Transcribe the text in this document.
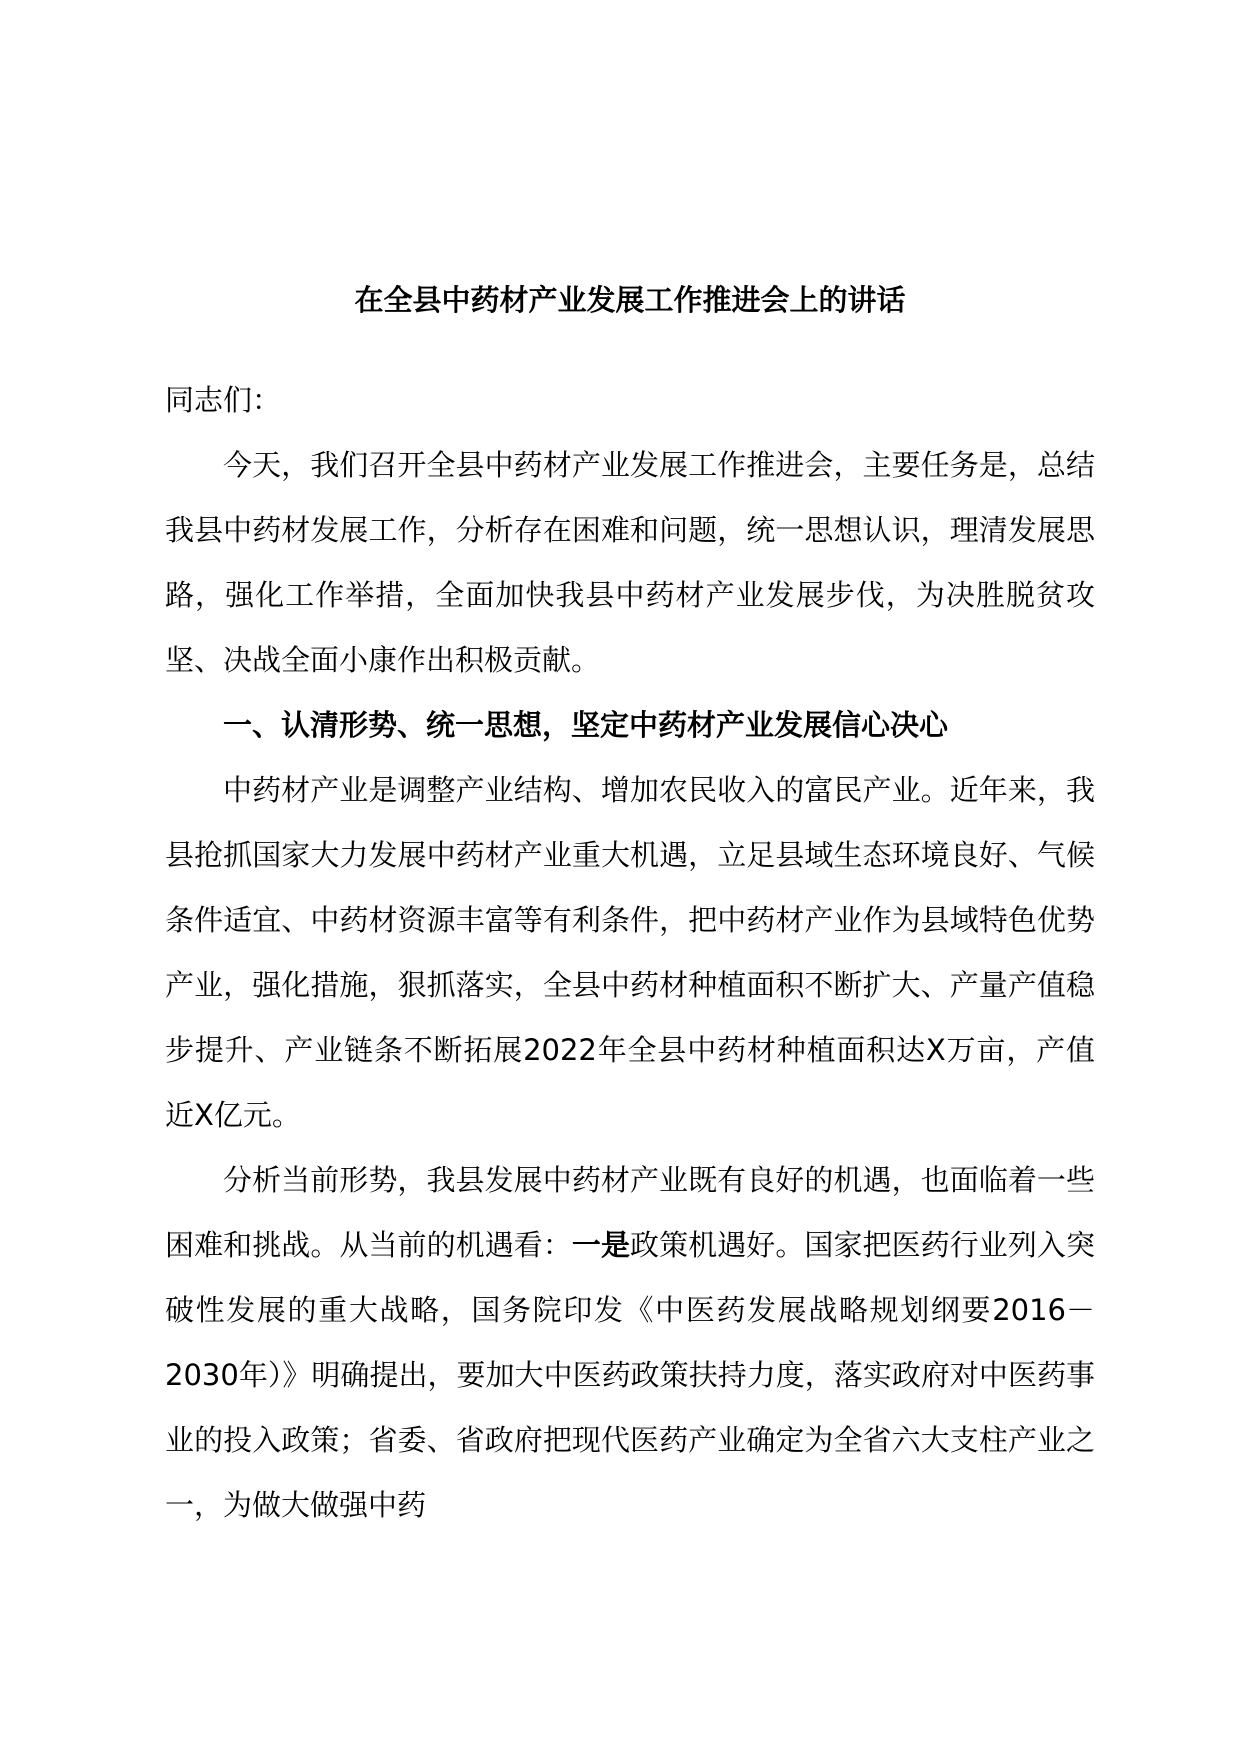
在全县中药材产业发展工作推进会上的讲话

同志们：

今天，我们召开全县中药材产业发展工作推进会，主要任务是，总结我县中药材发展工作，分析存在困难和问题，统一思想认识，理清发展思路，强化工作举措，全面加快我县中药材产业发展步伐，为决胜脱贫攻坚、决战全面小康作出积极贡献。

一、认清形势、统一思想，坚定中药材产业发展信心决心

中药材产业是调整产业结构、增加农民收入的富民产业。近年来，我县抢抓国家大力发展中药材产业重大机遇，立足县域生态环境良好、气候条件适宜、中药材资源丰富等有利条件，把中药材产业作为县域特色优势产业，强化措施，狠抓落实，全县中药材种植面积不断扩大、产量产值稳步提升、产业链条不断拓展2022年全县中药材种植面积达X万亩，产值近X亿元。

分析当前形势，我县发展中药材产业既有良好的机遇，也面临着一些困难和挑战。从当前的机遇看：一是政策机遇好。国家把医药行业列入突破性发展的重大战略，国务院印发《中医药发展战略规划纲要2016－2030年）》明确提出，要加大中医药政策扶持力度，落实政府对中医药事业的投入政策；省委、省政府把现代医药产业确定为全省六大支柱产业之一，为做大做强中药
